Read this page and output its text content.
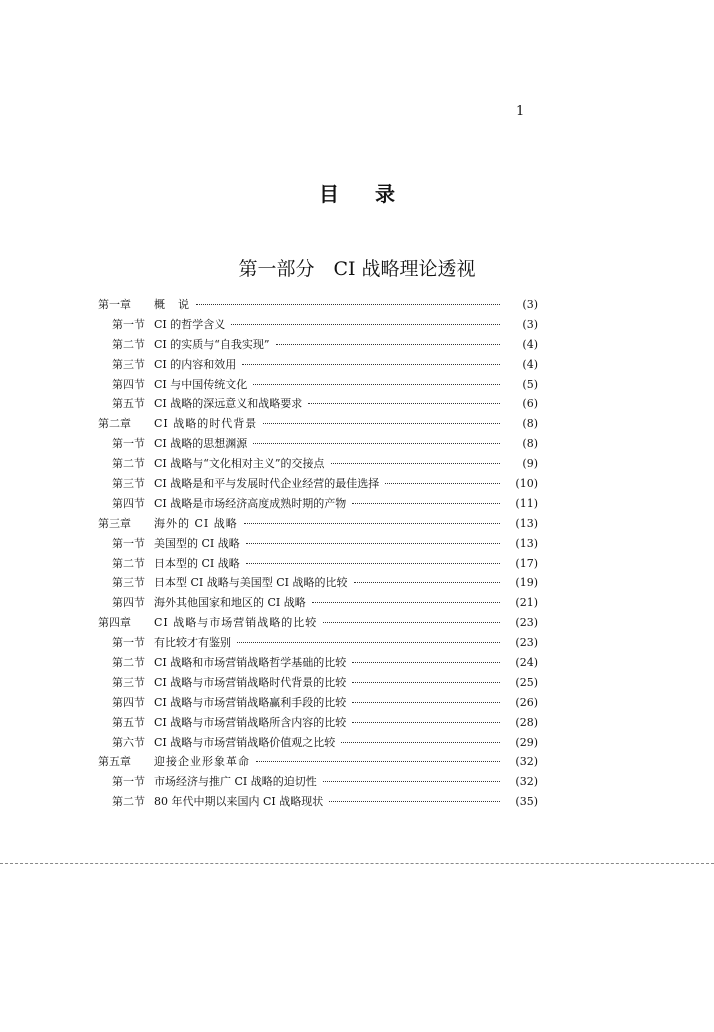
1
目 录
第一部分　CI 战略理论透视
第一章	概　说	(3)
第一节 CI 的哲学含义	(3)
第二节 CI 的实质与“自我实现”	(4)
第三节 CI 的内容和效用	(4)
第四节 CI 与中国传统文化	(5)
第五节 CI 战略的深远意义和战略要求	(6)
第二章	CI 战略的时代背景	(8)
第一节 CI 战略的思想渊源	(8)
第二节 CI 战略与“文化相对主义”的交接点	(9)
第三节 CI 战略是和平与发展时代企业经营的最佳选择	(10)
第四节 CI 战略是市场经济高度成熟时期的产物	(11)
第三章	海外的 CI 战略	(13)
第一节 美国型的 CI 战略	(13)
第二节 日本型的 CI 战略	(17)
第三节 日本型 CI 战略与美国型 CI 战略的比较	(19)
第四节 海外其他国家和地区的 CI 战略	(21)
第四章	CI 战略与市场营销战略的比较	(23)
第一节 有比较才有鉴别	(23)
第二节 CI 战略和市场营销战略哲学基础的比较	(24)
第三节 CI 战略与市场营销战略时代背景的比较	(25)
第四节 CI 战略与市场营销战略赢利手段的比较	(26)
第五节 CI 战略与市场营销战略所含内容的比较	(28)
第六节 CI 战略与市场营销战略价值观之比较	(29)
第五章	迎接企业形象革命	(32)
第一节 市场经济与推广 CI 战略的迫切性	(32)
第二节 80 年代中期以来国内 CI 战略现状	(35)
